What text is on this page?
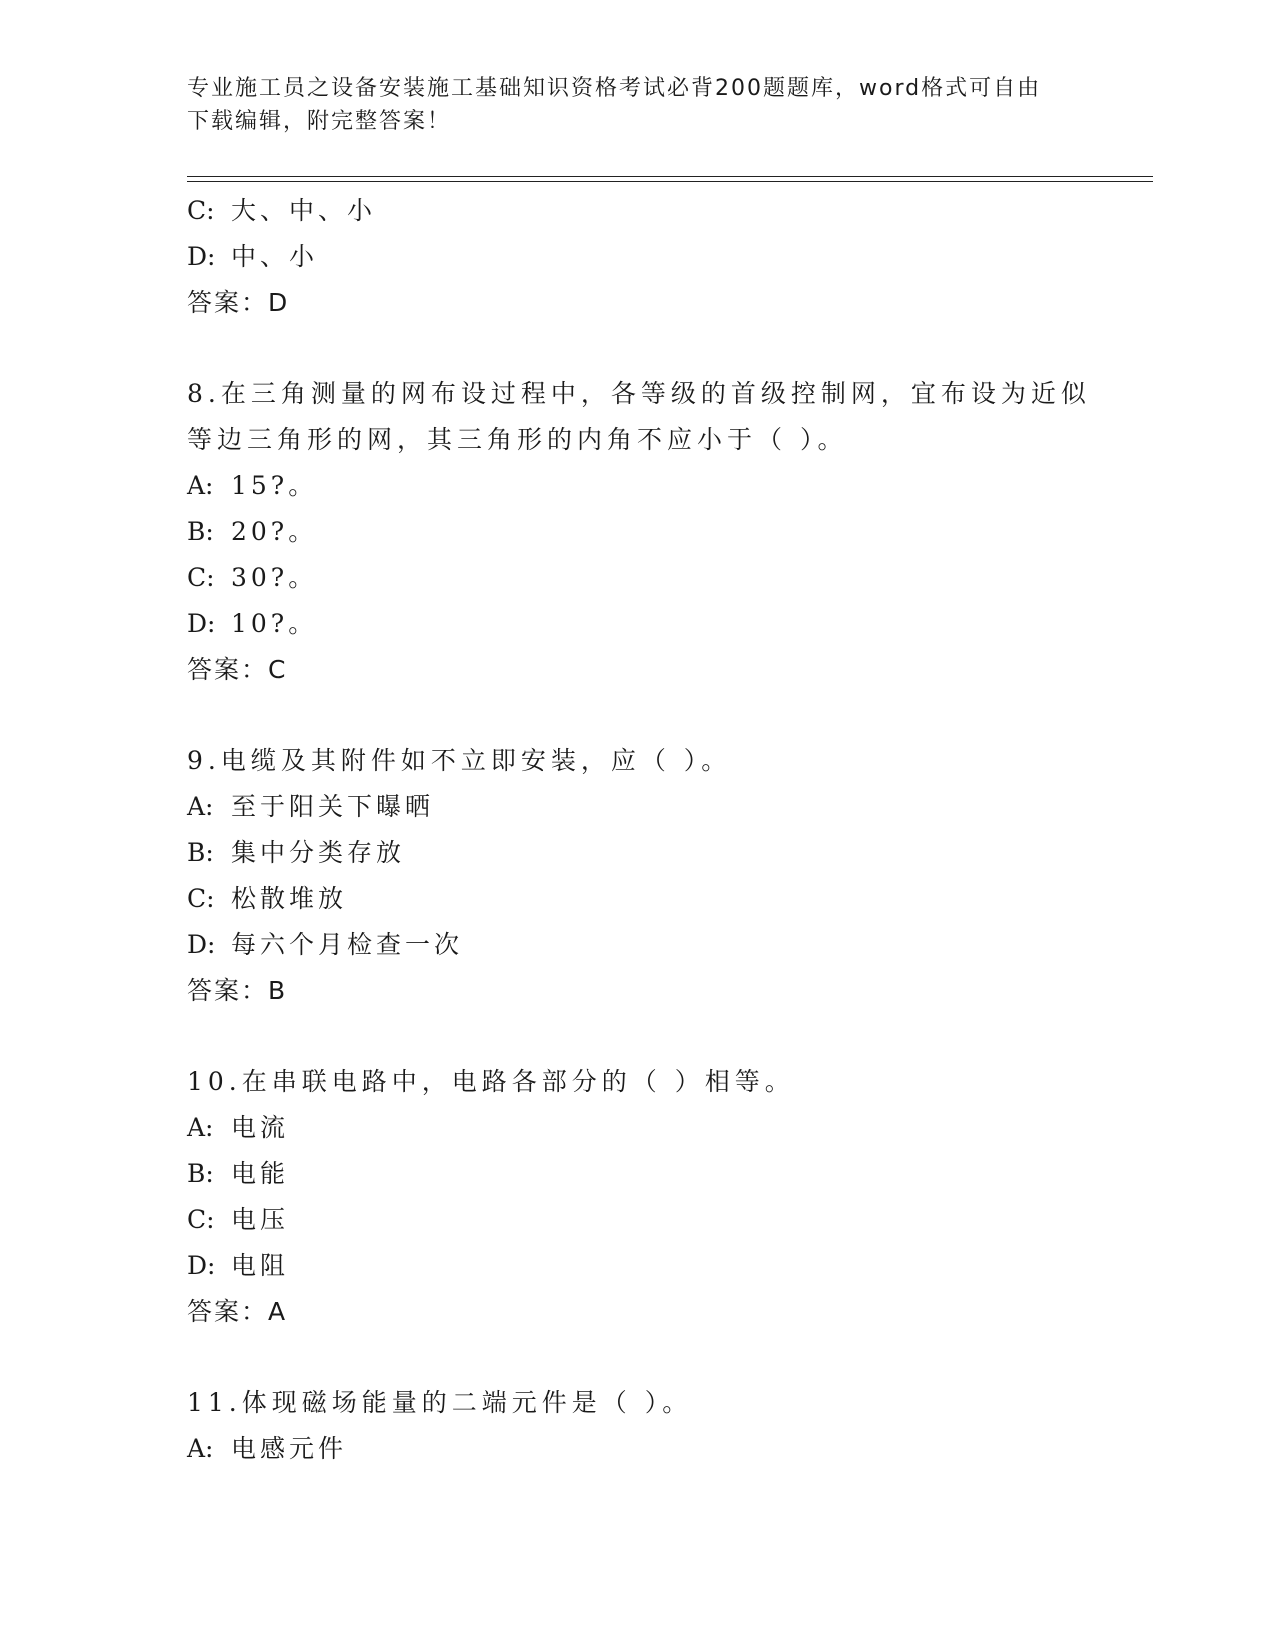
专业施工员之设备安装施工基础知识资格考试必背200题题库，word格式可自由
下载编辑，附完整答案！
C: 大、中、小
D: 中、小
答案：D
8.在三角测量的网布设过程中，各等级的首级控制网，宜布设为近似
等边三角形的网，其三角形的内角不应小于（ ）。
A: 15?。
B: 20?。
C: 30?。
D: 10?。
答案：C
9.电缆及其附件如不立即安装，应（ ）。
A: 至于阳关下曝晒
B: 集中分类存放
C: 松散堆放
D: 每六个月检查一次
答案：B
10.在串联电路中，电路各部分的（ ）相等。
A: 电流
B: 电能
C: 电压
D: 电阻
答案：A
11.体现磁场能量的二端元件是（ ）。
A: 电感元件
